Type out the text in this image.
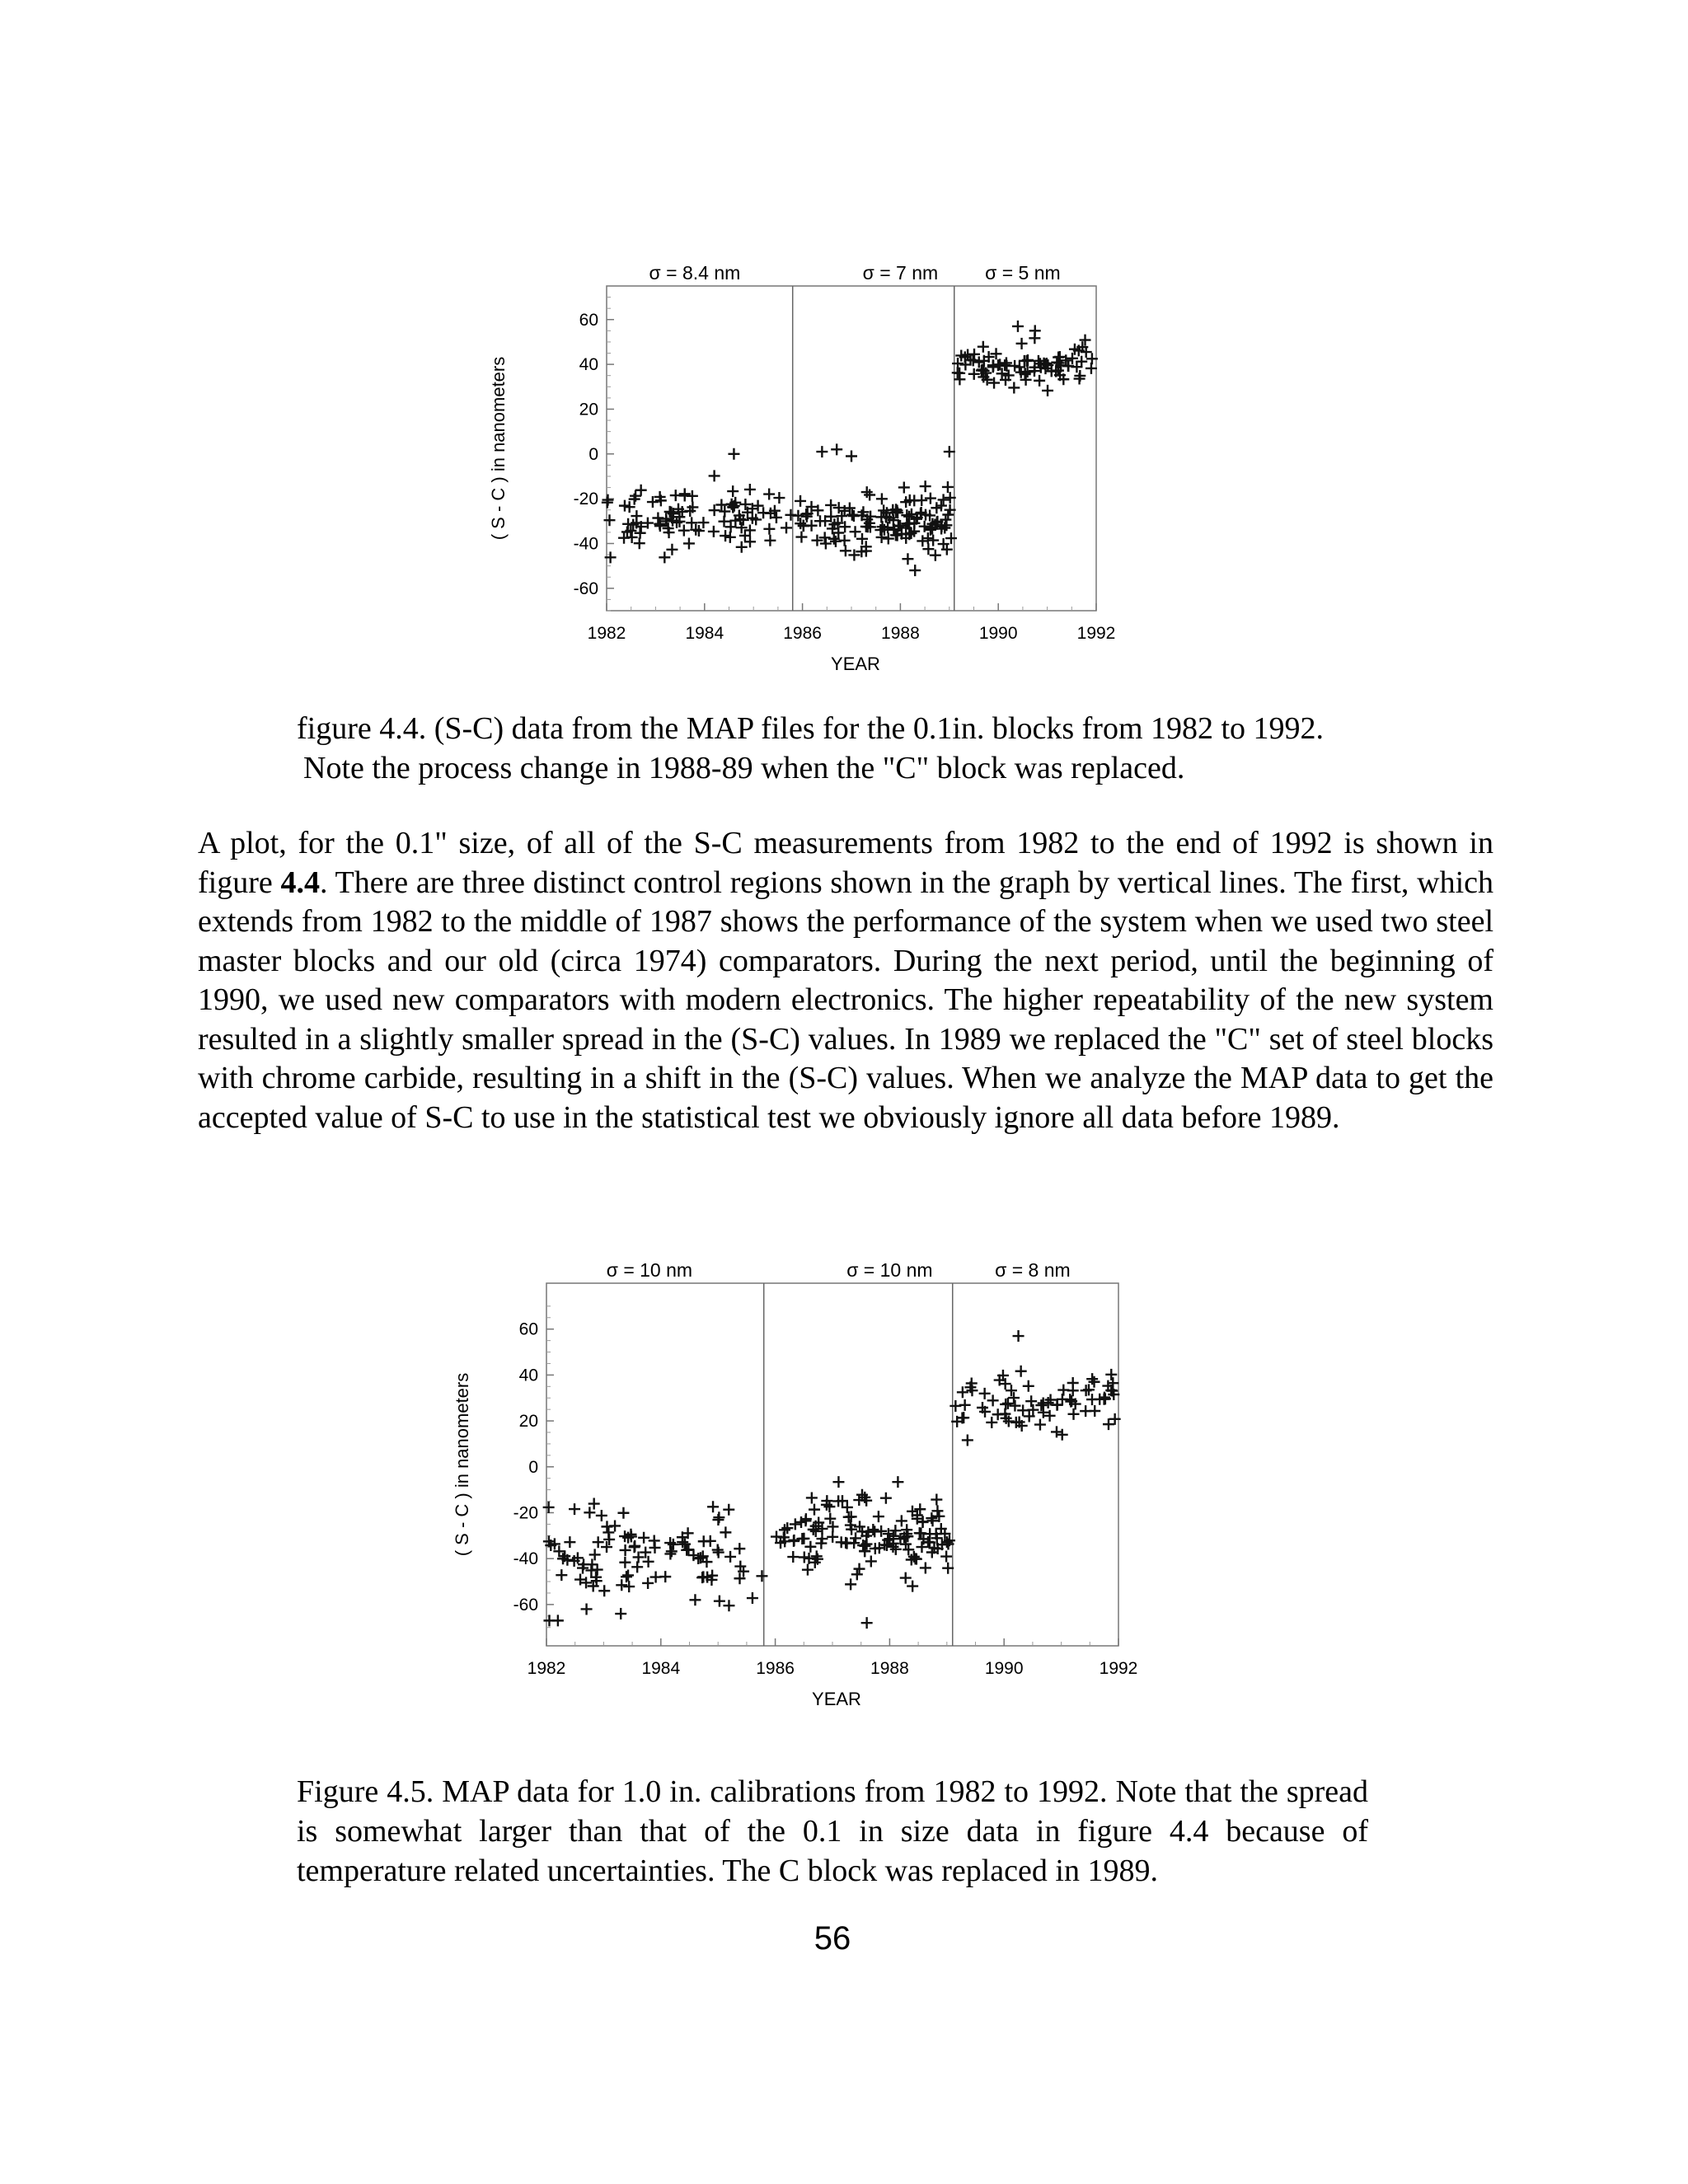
60
40
20
0
-20
-40
-60
1982	1984	1986	1988	1990	1992
σ = 8.4 nm	σ = 7 nm σ = 5 nm
YEAR
( S - C ) in nanometers
figure 4.4. (S-C) data from the MAP files for the 0.1in. blocks from 1982 to 1992.

Note the process change in 1988-89 when the "C" block was replaced.
A plot, for the 0.1" size, of all of the S-C measurements from 1982 to the end of 1992 is shown in figure 4.4. There are three distinct control regions shown in the graph by vertical lines. The first, which extends from 1982 to the middle of 1987 shows the performance of the system when we used two steel master blocks and our old (circa 1974) comparators. During the next period, until the beginning of 1990, we used new comparators with modern electronics. The higher repeatability of the new system resulted in a slightly smaller spread in the (S-C) values. In 1989 we replaced the "C" set of steel blocks with chrome carbide, resulting in a shift in the (S-C) values. When we analyze the MAP data to get the accepted value of S-C to use in the statistical test we obviously ignore all data before 1989.
60
40
20
0
-20
-40
-60
1982	1984	1986	1988	1990	1992
σ = 10 nm	σ = 10 nm	σ = 8 nm
YEAR
( S - C ) in nanometers
Figure 4.5. MAP data for 1.0 in. calibrations from 1982 to 1992. Note that the spread is somewhat larger than that of the 0.1 in size data in figure 4.4 because of temperature related uncertainties. The C block was replaced in 1989.
56
